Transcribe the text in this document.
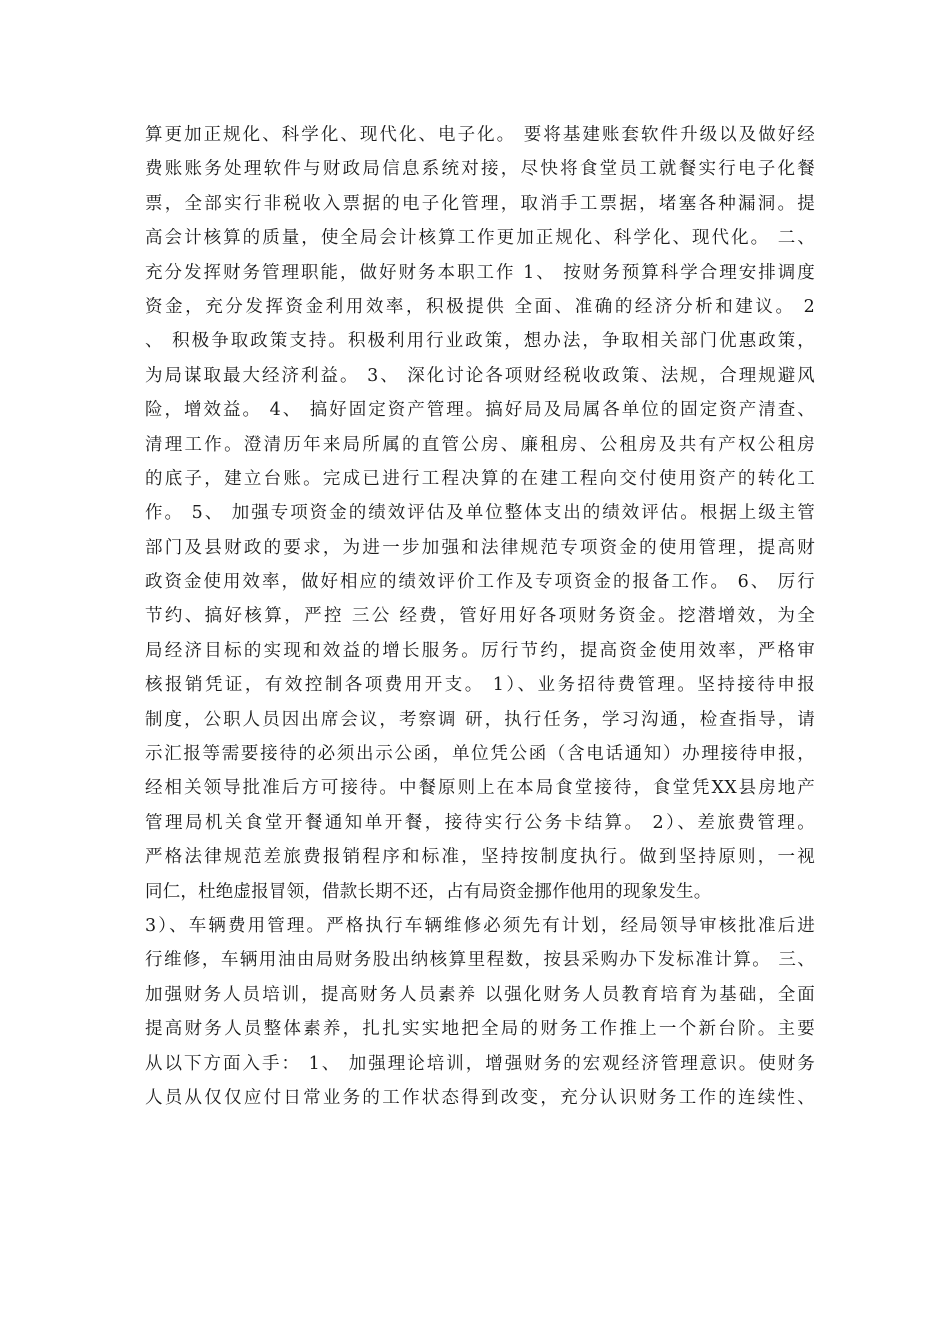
算更加正规化、科学化、现代化、电子化。 要将基建账套软件升级以及做好经
费账账务处理软件与财政局信息系统对接，尽快将食堂员工就餐实行电子化餐
票，全部实行非税收入票据的电子化管理，取消手工票据，堵塞各种漏洞。提
高会计核算的质量，使全局会计核算工作更加正规化、科学化、现代化。 二、
充分发挥财务管理职能，做好财务本职工作 1、 按财务预算科学合理安排调度
资金，充分发挥资金利用效率，积极提供 全面、准确的经济分析和建议。 2
、 积极争取政策支持。积极利用行业政策，想办法，争取相关部门优惠政策，
为局谋取最大经济利益。 3、 深化讨论各项财经税收政策、法规，合理规避风
险，增效益。 4、 搞好固定资产管理。搞好局及局属各单位的固定资产清查、
清理工作。澄清历年来局所属的直管公房、廉租房、公租房及共有产权公租房
的底子，建立台账。完成已进行工程决算的在建工程向交付使用资产的转化工
作。 5、 加强专项资金的绩效评估及单位整体支出的绩效评估。根据上级主管
部门及县财政的要求，为进一步加强和法律规范专项资金的使用管理，提高财
政资金使用效率，做好相应的绩效评价工作及专项资金的报备工作。 6、 厉行
节约、搞好核算，严控 三公 经费，管好用好各项财务资金。挖潜增效，为全
局经济目标的实现和效益的增长服务。厉行节约，提高资金使用效率，严格审
核报销凭证，有效控制各项费用开支。 1）、业务招待费管理。坚持接待申报
制度，公职人员因出席会议，考察调 研，执行任务，学习沟通，检查指导，请
示汇报等需要接待的必须出示公函，单位凭公函（含电话通知）办理接待申报，
经相关领导批准后方可接待。中餐原则上在本局食堂接待，食堂凭XX县房地产
管理局机关食堂开餐通知单开餐，接待实行公务卡结算。 2）、差旅费管理。
严格法律规范差旅费报销程序和标准，坚持按制度执行。做到坚持原则，一视
同仁，杜绝虚报冒领，借款长期不还，占有局资金挪作他用的现象发生。
3）、车辆费用管理。严格执行车辆维修必须先有计划，经局领导审核批准后进
行维修，车辆用油由局财务股出纳核算里程数，按县采购办下发标准计算。 三、
加强财务人员培训，提高财务人员素养 以强化财务人员教育培育为基础，全面
提高财务人员整体素养，扎扎实实地把全局的财务工作推上一个新台阶。主要
从以下方面入手： 1、 加强理论培训，增强财务的宏观经济管理意识。使财务
人员从仅仅应付日常业务的工作状态得到改变，充分认识财务工作的连续性、
